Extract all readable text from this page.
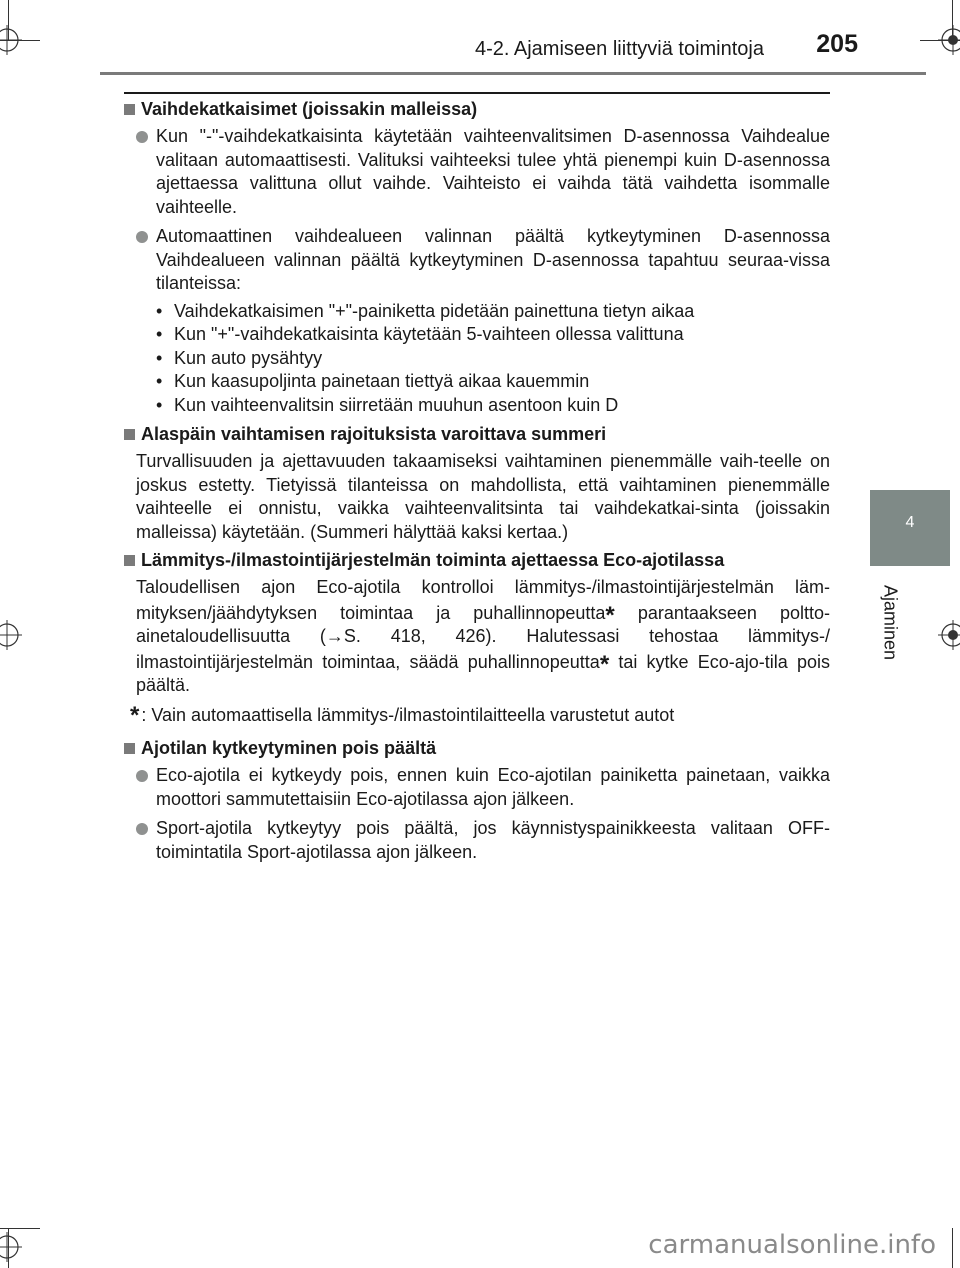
4-2. Ajamiseen liittyviä toimintoja 205
4
Ajaminen
Vaihdekatkaisimet (joissakin malleissa)
Kun "-"-vaihdekatkaisinta käytetään vaihteenvalitsimen D-asennossa Vaihdealue valitaan automaattisesti. Valituksi vaihteeksi tulee yhtä pienempi kuin D-asennossa ajettaessa valittuna ollut vaihde. Vaihteisto ei vaihda tätä vaihdetta isommalle vaihteelle.
Automaattinen vaihdealueen valinnan päältä kytkeytyminen D-asennossa Vaihdealueen valinnan päältä kytkeytyminen D-asennossa tapahtuu seuraa-vissa tilanteissa:
• Vaihdekatkaisimen "+"-painiketta pidetään painettuna tietyn aikaa
• Kun "+"-vaihdekatkaisinta käytetään 5-vaihteen ollessa valittuna
• Kun auto pysähtyy
• Kun kaasupoljinta painetaan tiettyä aikaa kauemmin
• Kun vaihteenvalitsin siirretään muuhun asentoon kuin D
Alaspäin vaihtamisen rajoituksista varoittava summeri
Turvallisuuden ja ajettavuuden takaamiseksi vaihtaminen pienemmälle vaih-teelle on joskus estetty. Tietyissä tilanteissa on mahdollista, että vaihtaminen pienemmälle vaihteelle ei onnistu, vaikka vaihteenvalitsinta tai vaihdekatkai-sinta (joissakin malleissa) käytetään. (Summeri hälyttää kaksi kertaa.)
Lämmitys-/ilmastointijärjestelmän toiminta ajettaessa Eco-ajotilassa
Taloudellisen ajon Eco-ajotila kontrolloi lämmitys-/ilmastointijärjestelmän läm-mityksen/jäähdytyksen toimintaa ja puhallinnopeutta* parantaakseen poltto-ainetaloudellisuutta (→S. 418, 426). Halutessasi tehostaa lämmitys-/ ilmastointijärjestelmän toimintaa, säädä puhallinnopeutta* tai kytke Eco-ajo-tila pois päältä.
* : Vain automaattisella lämmitys-/ilmastointilaitteella varustetut autot
Ajotilan kytkeytyminen pois päältä
Eco-ajotila ei kytkeydy pois, ennen kuin Eco-ajotilan painiketta painetaan, vaikka moottori sammutettaisiin Eco-ajotilassa ajon jälkeen.
Sport-ajotila kytkeytyy pois päältä, jos käynnistyspainikkeesta valitaan OFF-toimintatila Sport-ajotilassa ajon jälkeen.
carmanualsonline.info
